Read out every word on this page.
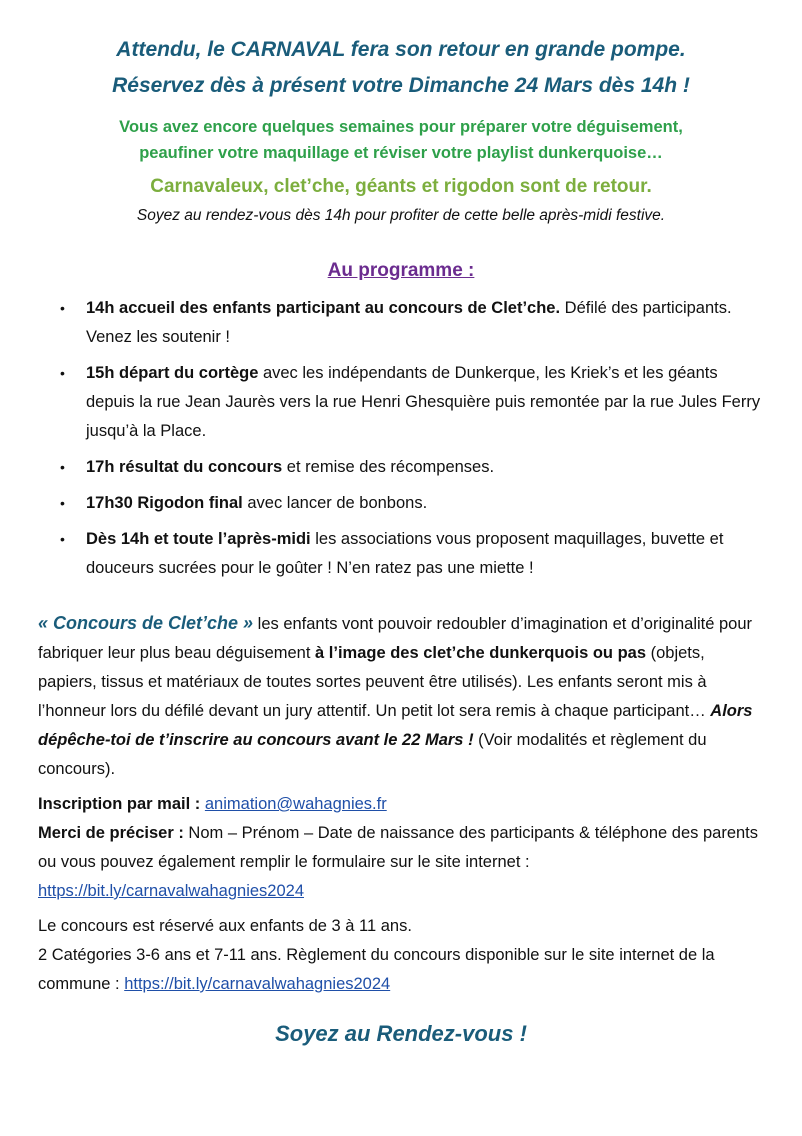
Attendu, le CARNAVAL fera son retour en grande pompe.
Réservez dès à présent votre Dimanche 24 Mars dès 14h !
Vous avez encore quelques semaines pour préparer votre déguisement,
peaufiner votre maquillage et réviser votre playlist dunkerquoise…
Carnavaleux, clet’che, géants et rigodon sont de retour.
Soyez au rendez-vous dès 14h pour profiter de cette belle après-midi festive.
Au programme :
• 14h accueil des enfants participant au concours de Clet’che. Défilé des participants. Venez les soutenir !
• 15h départ du cortège avec les indépendants de Dunkerque, les Kriek’s et les géants depuis la rue Jean Jaurès vers la rue Henri Ghesquière puis remontée par la rue Jules Ferry jusqu’à la Place.
• 17h résultat du concours et remise des récompenses.
• 17h30 Rigodon final avec lancer de bonbons.
• Dès 14h et toute l’après-midi les associations vous proposent maquillages, buvette et douceurs sucrées pour le goûter ! N’en ratez pas une miette !
« Concours de Clet’che » les enfants vont pouvoir redoubler d’imagination et d’originalité pour fabriquer leur plus beau déguisement à l’image des clet’che dunkerquois ou pas (objets, papiers, tissus et matériaux de toutes sortes peuvent être utilisés). Les enfants seront mis à l’honneur lors du défilé devant un jury attentif. Un petit lot sera remis à chaque participant… Alors dépêche-toi de t’inscrire au concours avant le 22 Mars ! (Voir modalités et règlement du concours).
Inscription par mail : animation@wahagnies.fr
Merci de préciser : Nom – Prénom – Date de naissance des participants & téléphone des parents ou vous pouvez également remplir le formulaire sur le site internet : https://bit.ly/carnavalwahagnies2024
Le concours est réservé aux enfants de 3 à 11 ans.
2 Catégories 3-6 ans et 7-11 ans. Règlement du concours disponible sur le site internet de la commune : https://bit.ly/carnavalwahagnies2024
Soyez au Rendez-vous !
